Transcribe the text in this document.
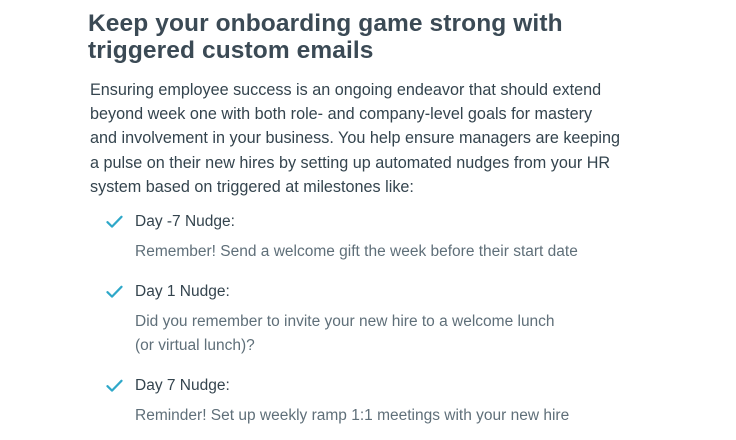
Keep your onboarding game strong with
triggered custom emails

Ensuring employee success is an ongoing endeavor that should extend
beyond week one with both role- and company-level goals for mastery
and involvement in your business. You help ensure managers are keeping
a pulse on their new hires by setting up automated nudges from your HR
system based on triggered at milestones like:

Day -7 Nudge:
Remember! Send a welcome gift the week before their start date
Day 1 Nudge:
Did you remember to invite your new hire to a welcome lunch
(or virtual lunch)?
Day 7 Nudge:
Reminder! Set up weekly ramp 1:1 meetings with your new hire
